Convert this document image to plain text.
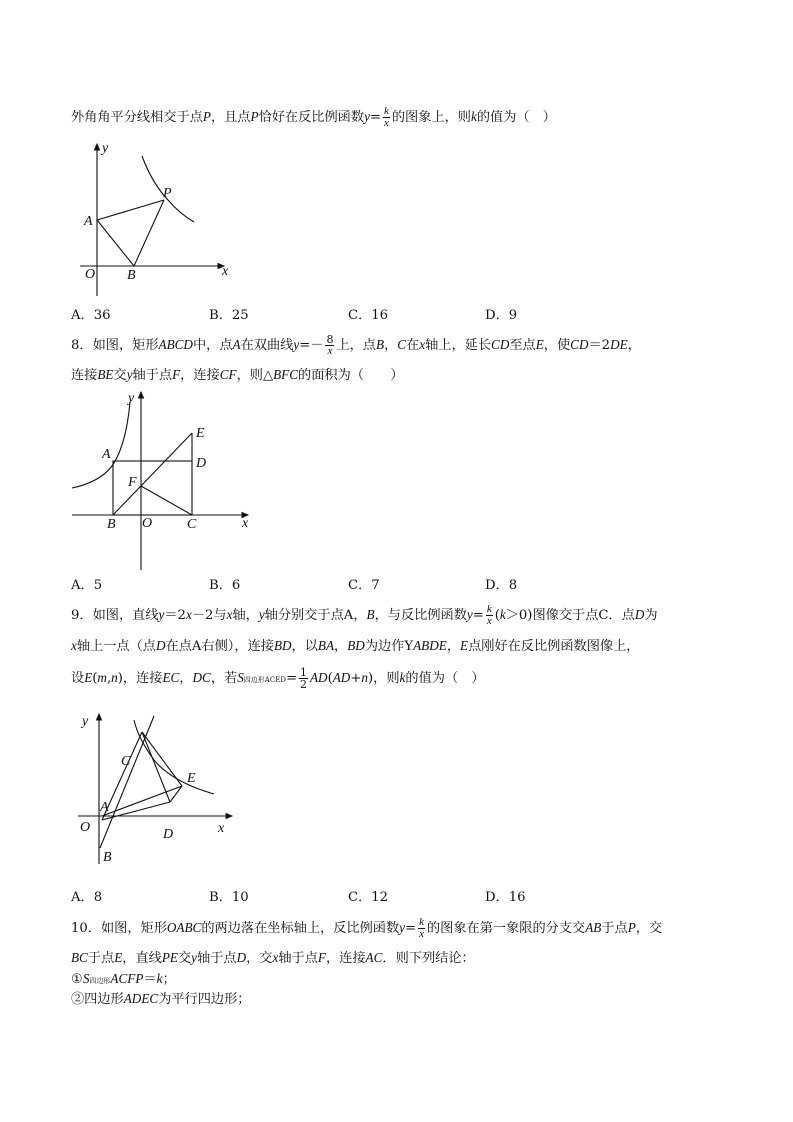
外角角平分线相交于点P，且点P恰好在反比例函数$y= \frac{k}{x}$ 的图象上，则k的值为（　）
y
x
O
A
B
P
A．36	B．25	C．16	D．9
8．如图，矩形ABCD中，点A在双曲线$y=- \frac{8}{x}$ 上，点B，C在x轴上，延长CD至点E，使CD＝2DE，
连接BE交y轴于点F，连接CF，则△BFC的面积为（　　）
y
x
O
A
B	C
D
E
F
A．5	B．6	C．7	D．8
9．如图，直线y＝2x－2与x轴，y轴分别交于点A，B，与反比例函数$y= \frac{k}{x} (k>0)$图像交于点C．点D为
x轴上一点（点D在点A右侧），连接BD，以BA，BD为边作YABDE，E点刚好在反比例函数图像上，
设E(m,n)，连接EC，DC，若S四边形ACED= $\frac{1}{2} AD(AD+n)$，则k的值为（　）
y
x
O
A
B
C
D
E
A．8	B．10	C．12	D．16
10．如图，矩形OABC的两边落在坐标轴上，反比例函数$y= \frac{k}{x}$ 的图象在第一象限的分支交AB于点P，交
BC于点E，直线PE交y轴于点D，交x轴于点F，连接AC．则下列结论：
①S四边形ACFP＝k；
②四边形ADEC为平行四边形；
